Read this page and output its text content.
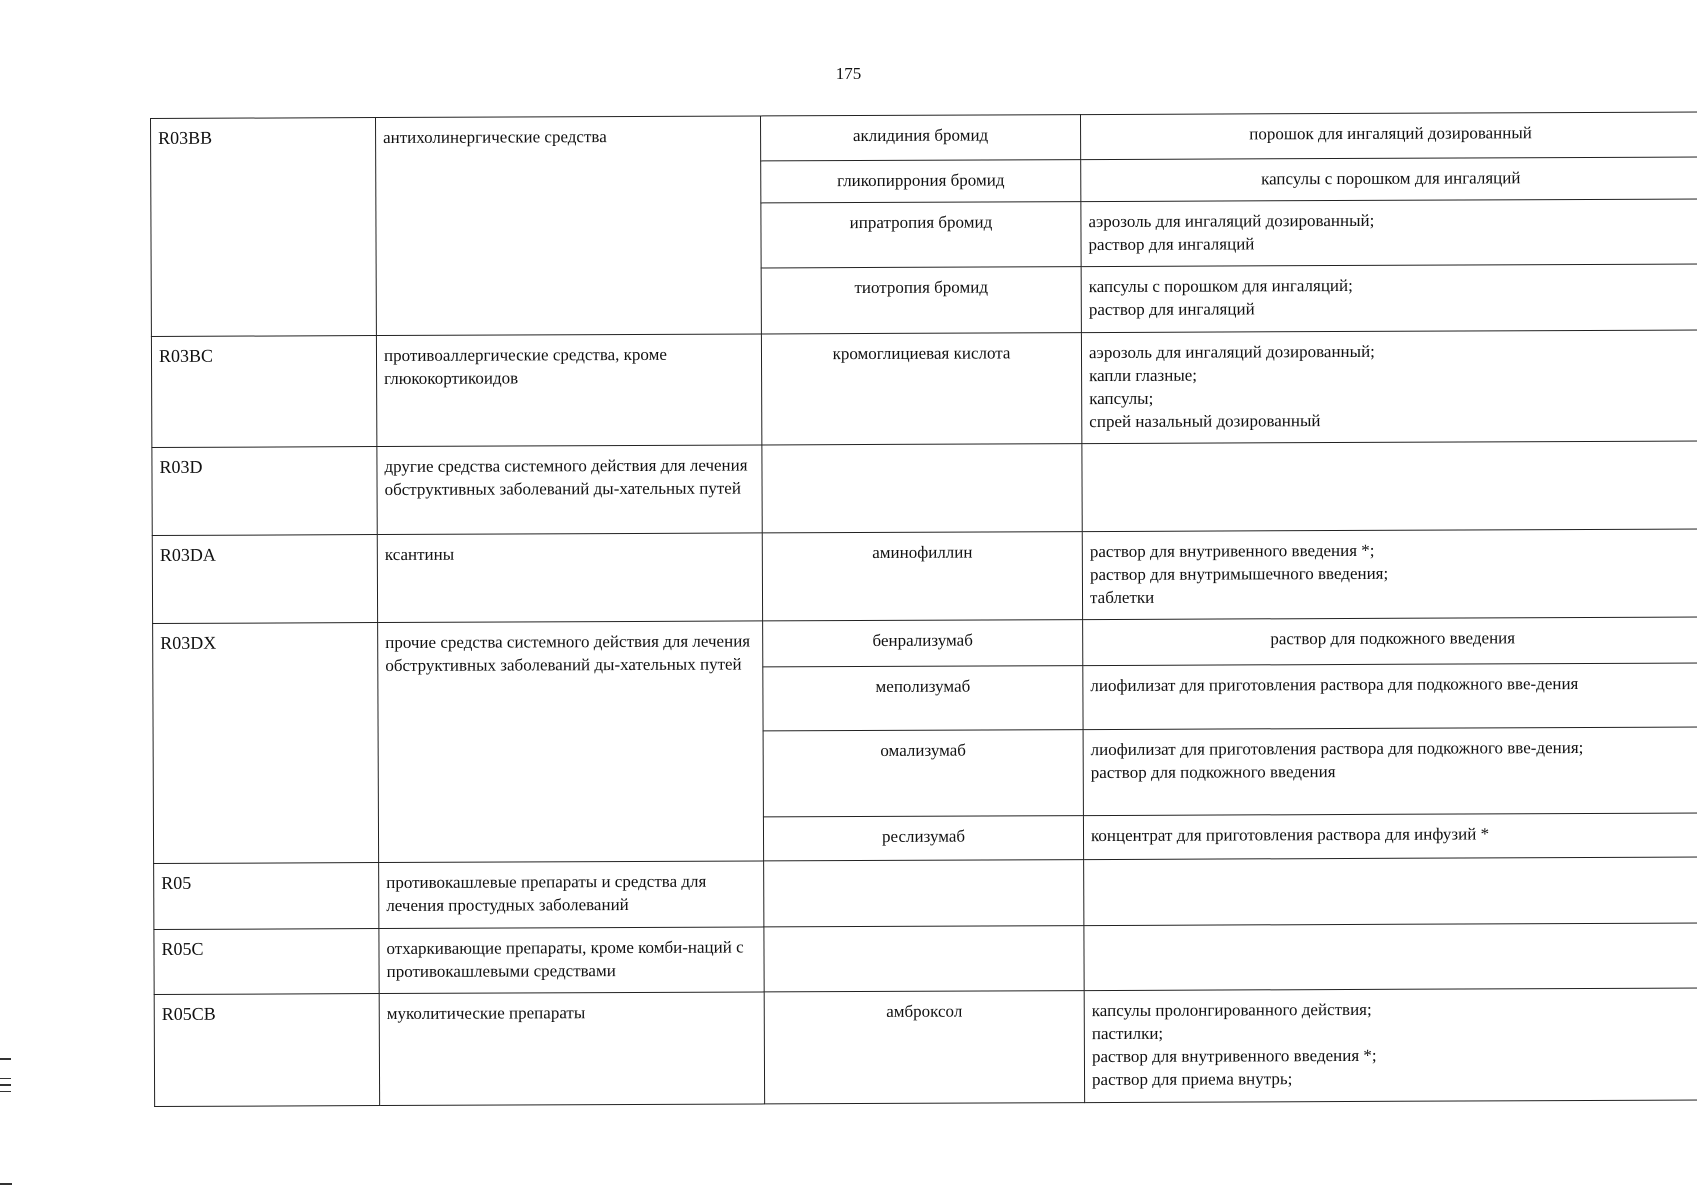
175
R03BB	антихолинергические средства	аклидиния бромид	порошок для ингаляций дозированный

		гликопиррония бромид	капсулы с порошком для ингаляций

		ипратропия бромид	аэрозоль для ингаляций дозированный;
раствор для ингаляций

		тиотропия бромид	капсулы с порошком для ингаляций;
раствор для ингаляций

R03BC	противоаллергические средства, кроме глюкокортикоидов	кромоглициевая кислота	аэрозоль для ингаляций дозированный;
капли глазные;
капсулы;
спрей назальный дозированный

R03D	другие средства системного действия для лечения обструктивных заболеваний ды-хательных путей		
R03DA	ксантины	аминофиллин	раствор для внутривенного введения *;
раствор для внутримышечного введения;
таблетки

R03DX	прочие средства системного действия для лечения обструктивных заболеваний ды-хательных путей	бенрализумаб	раствор для подкожного введения

		меполизумаб	лиофилизат для приготовления раствора для подкожного вве-дения

		омализумаб	лиофилизат для приготовления раствора для подкожного вве-дения;
раствор для подкожного введения

		реслизумаб	концентрат для приготовления раствора для инфузий *

R05	противокашлевые препараты и средства для лечения простудных заболеваний		
R05C	отхаркивающие препараты, кроме комби-наций с противокашлевыми средствами		
R05CB	муколитические препараты	амброксол	капсулы пролонгированного действия;
пастилки;
раствор для внутривенного введения *;
раствор для приема внутрь;
